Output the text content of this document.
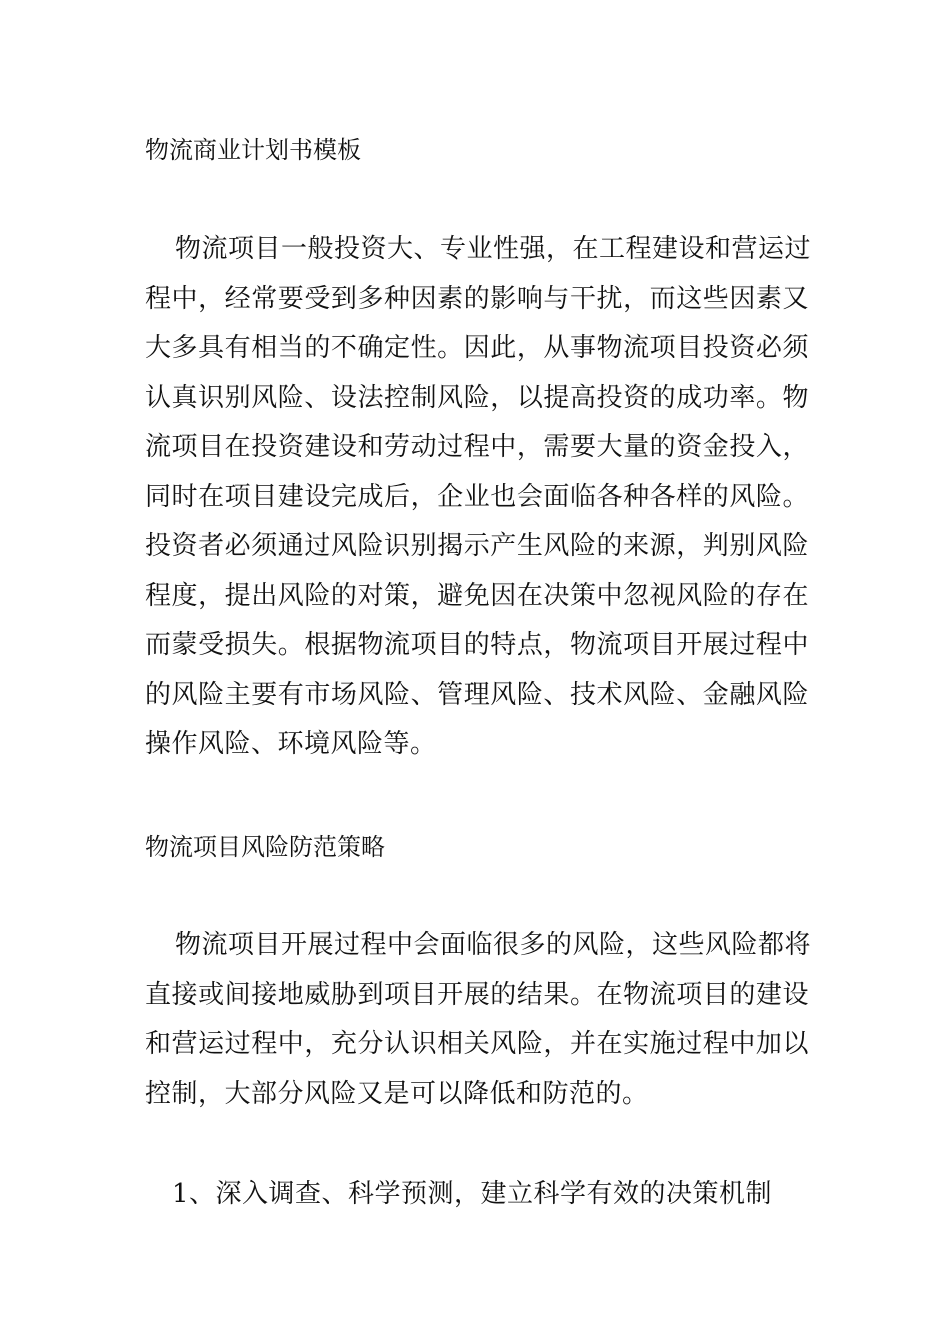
物流商业计划书模板
物流项目一般投资大、专业性强，在工程建设和营运过
程中，经常要受到多种因素的影响与干扰，而这些因素又
大多具有相当的不确定性。因此，从事物流项目投资必须
认真识别风险、设法控制风险，以提高投资的成功率。物
流项目在投资建设和劳动过程中，需要大量的资金投入，
同时在项目建设完成后，企业也会面临各种各样的风险。
投资者必须通过风险识别揭示产生风险的来源，判别风险
程度，提出风险的对策，避免因在决策中忽视风险的存在
而蒙受损失。根据物流项目的特点，物流项目开展过程中
的风险主要有市场风险、管理风险、技术风险、金融风险
操作风险、环境风险等。
物流项目风险防范策略
物流项目开展过程中会面临很多的风险，这些风险都将
直接或间接地威胁到项目开展的结果。在物流项目的建设
和营运过程中，充分认识相关风险，并在实施过程中加以
控制，大部分风险又是可以降低和防范的。

1、深入调查、科学预测，建立科学有效的决策机制
